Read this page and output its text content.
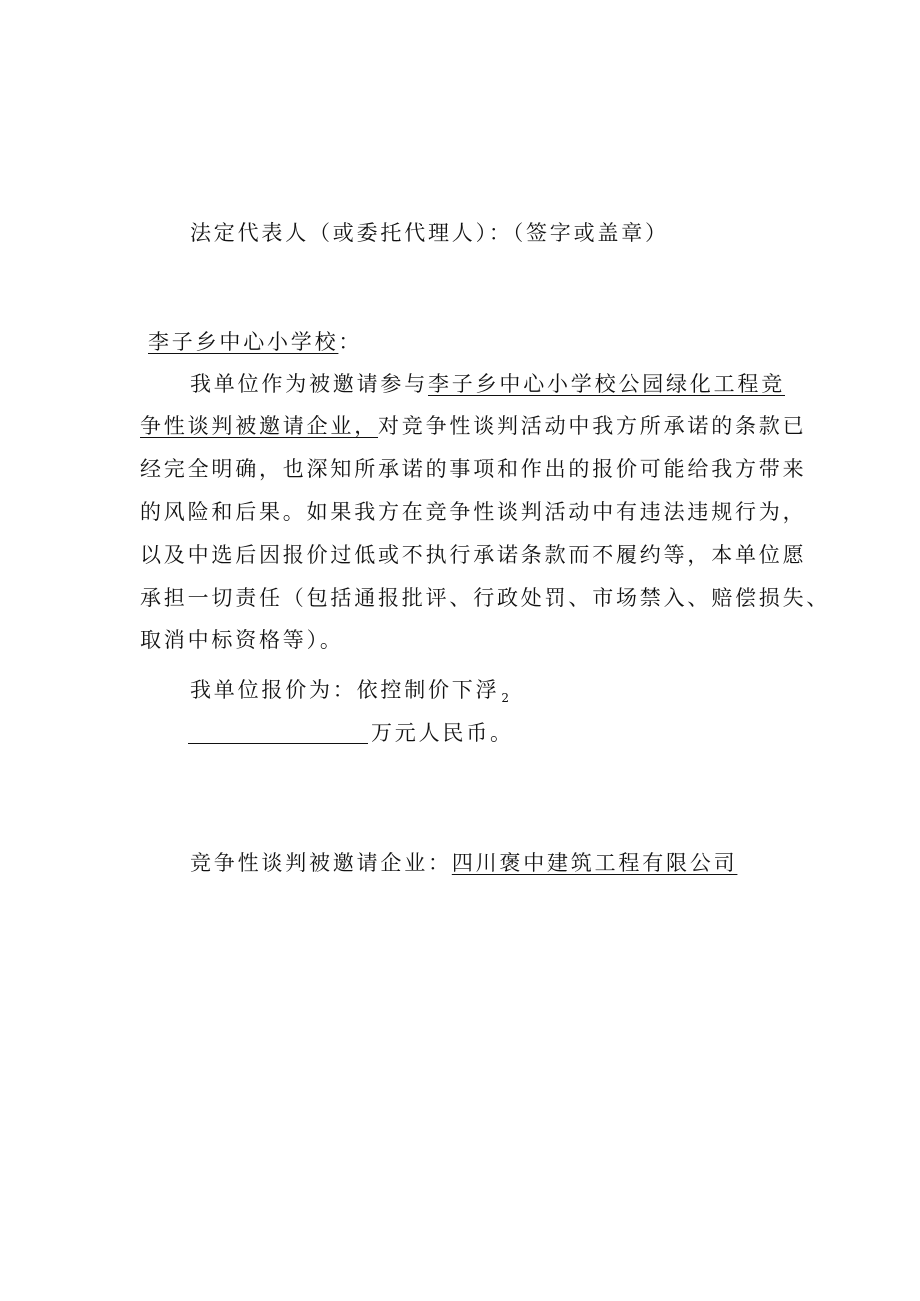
法定代表人（或委托代理人）：（签字或盖章）
李子乡中心小学校：
我单位作为被邀请参与李子乡中心小学校公园绿化工程竞
争性谈判被邀请企业，对竞争性谈判活动中我方所承诺的条款已
经完全明确，也深知所承诺的事项和作出的报价可能给我方带来
的风险和后果。如果我方在竞争性谈判活动中有违法违规行为，
以及中选后因报价过低或不执行承诺条款而不履约等，本单位愿
承担一切责任（包括通报批评、行政处罚、市场禁入、赔偿损失、
取消中标资格等）。
我单位报价为：依控制价下浮 $_2$
万元人民币。
竞争性谈判被邀请企业：四川褒中建筑工程有限公司
